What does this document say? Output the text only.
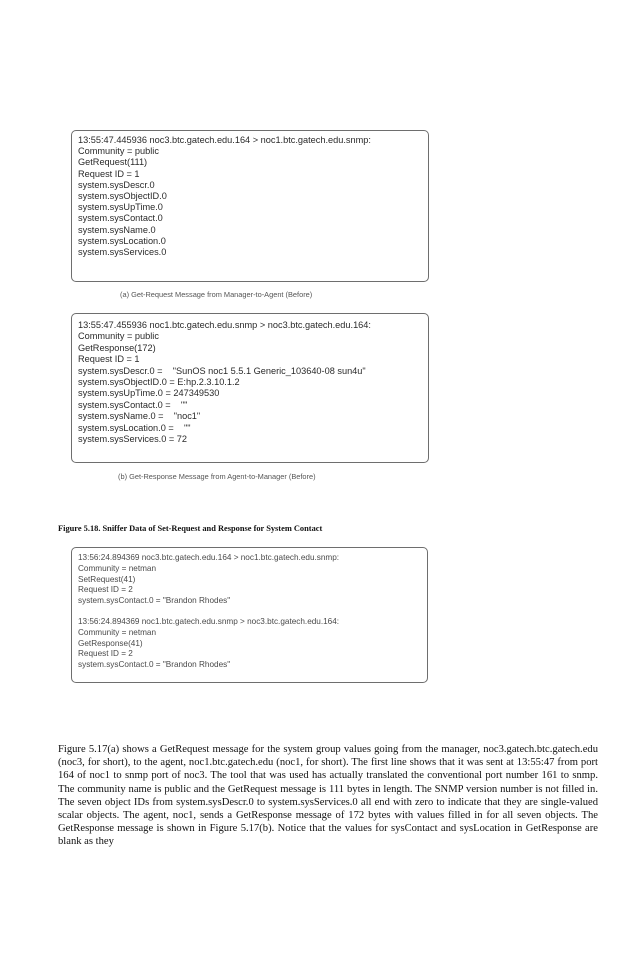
13:55:47.445936 noc3.btc.gatech.edu.164 > noc1.btc.gatech.edu.snmp:
Community = public
GetRequest(111)
Request ID = 1
system.sysDescr.0
system.sysObjectID.0
system.sysUpTime.0
system.sysContact.0
system.sysName.0
system.sysLocation.0
system.sysServices.0
(a) Get-Request Message from Manager-to-Agent (Before)
13:55:47.455936 noc1.btc.gatech.edu.snmp > noc3.btc.gatech.edu.164:
Community = public
GetResponse(172)
Request ID = 1
system.sysDescr.0 =    "SunOS noc1 5.5.1 Generic_103640-08 sun4u"
system.sysObjectID.0 = E:hp.2.3.10.1.2
system.sysUpTime.0 = 247349530
system.sysContact.0 =    ""
system.sysName.0 =    "noc1"
system.sysLocation.0 =    ""
system.sysServices.0 = 72
(b) Get-Response Message from Agent-to-Manager (Before)
Figure 5.18. Sniffer Data of Set-Request and Response for System Contact
13:56:24.894369 noc3.btc.gatech.edu.164 > noc1.btc.gatech.edu.snmp:
Community = netman
SetRequest(41)
Request ID = 2
system.sysContact.0 = "Brandon Rhodes"
13:56:24.894369 noc1.btc.gatech.edu.snmp > noc3.btc.gatech.edu.164:
Community = netman
GetResponse(41)
Request ID = 2
system.sysContact.0 = "Brandon Rhodes"
Figure 5.17(a) shows a GetRequest message for the system group values going from the manager, noc3.gatech.btc.gatech.edu (noc3, for short), to the agent, noc1.btc.gatech.edu (noc1, for short). The first line shows that it was sent at 13:55:47 from port 164 of noc1 to snmp port of noc3. The tool that was used has actually translated the conventional port number 161 to snmp. The community name is public and the GetRequest message is 111 bytes in length. The SNMP version number is not filled in. The seven object IDs from system.sysDescr.0 to system.sysServices.0 all end with zero to indicate that they are single-valued scalar objects. The agent, noc1, sends a GetResponse message of 172 bytes with values filled in for all seven objects. The GetResponse message is shown in Figure 5.17(b). Notice that the values for sysContact and sysLocation in GetResponse are blank as they
